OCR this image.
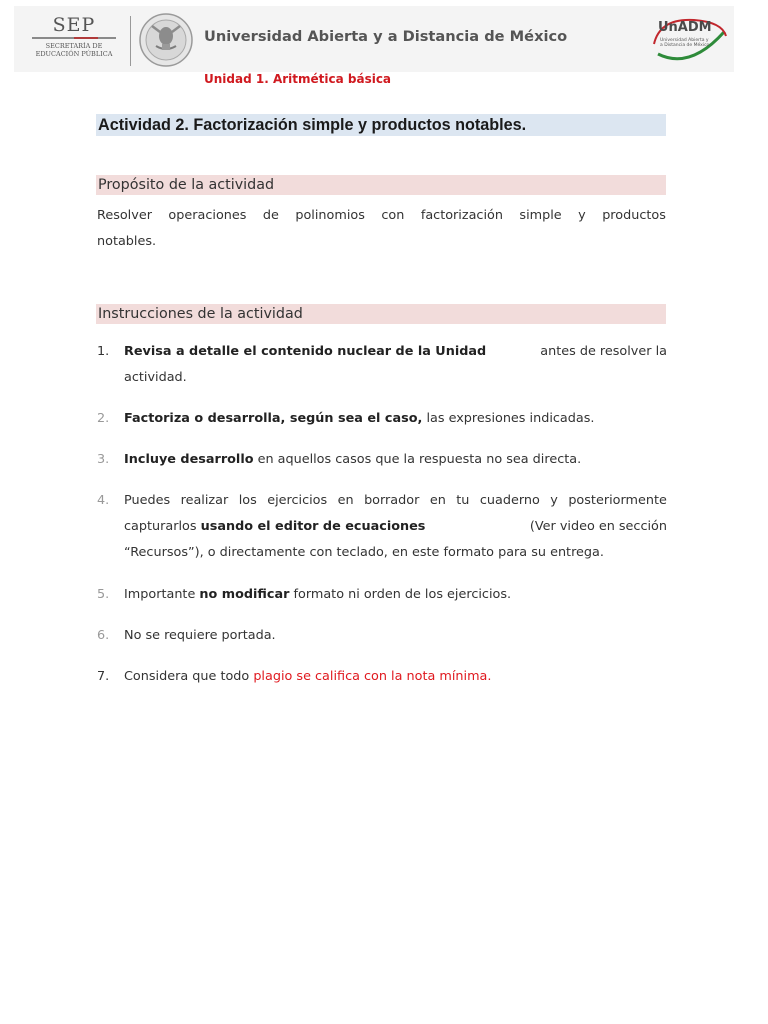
SEP
SECRETARÍA DE
EDUCACIÓN PÚBLICA
Universidad Abierta y a Distancia de México
UnADM
Universidad Abierta y
a Distancia de México
Unidad 1. Aritmética básica
Actividad 2. Factorización simple y productos notables.
Propósito de la actividad
Resolver operaciones de polinomios con factorización simple y productos
notables.
Instrucciones de la actividad
1.	Revisa a detalle el contenido nuclear de la Unidad	antes de resolver la
actividad.
2.	Factoriza o desarrolla, según sea el caso, las expresiones indicadas.
3.	Incluye desarrollo en aquellos casos que la respuesta no sea directa.
4.	Puedes realizar los ejercicios en borrador en tu cuaderno y posteriormente
capturarlos usando el editor de ecuaciones	(Ver video en sección
“Recursos”), o directamente con teclado, en este formato para su entrega.
5.	Importante no modificar formato ni orden de los ejercicios.
6.	No se requiere portada.
7.	Considera que todo plagio se califica con la nota mínima.
